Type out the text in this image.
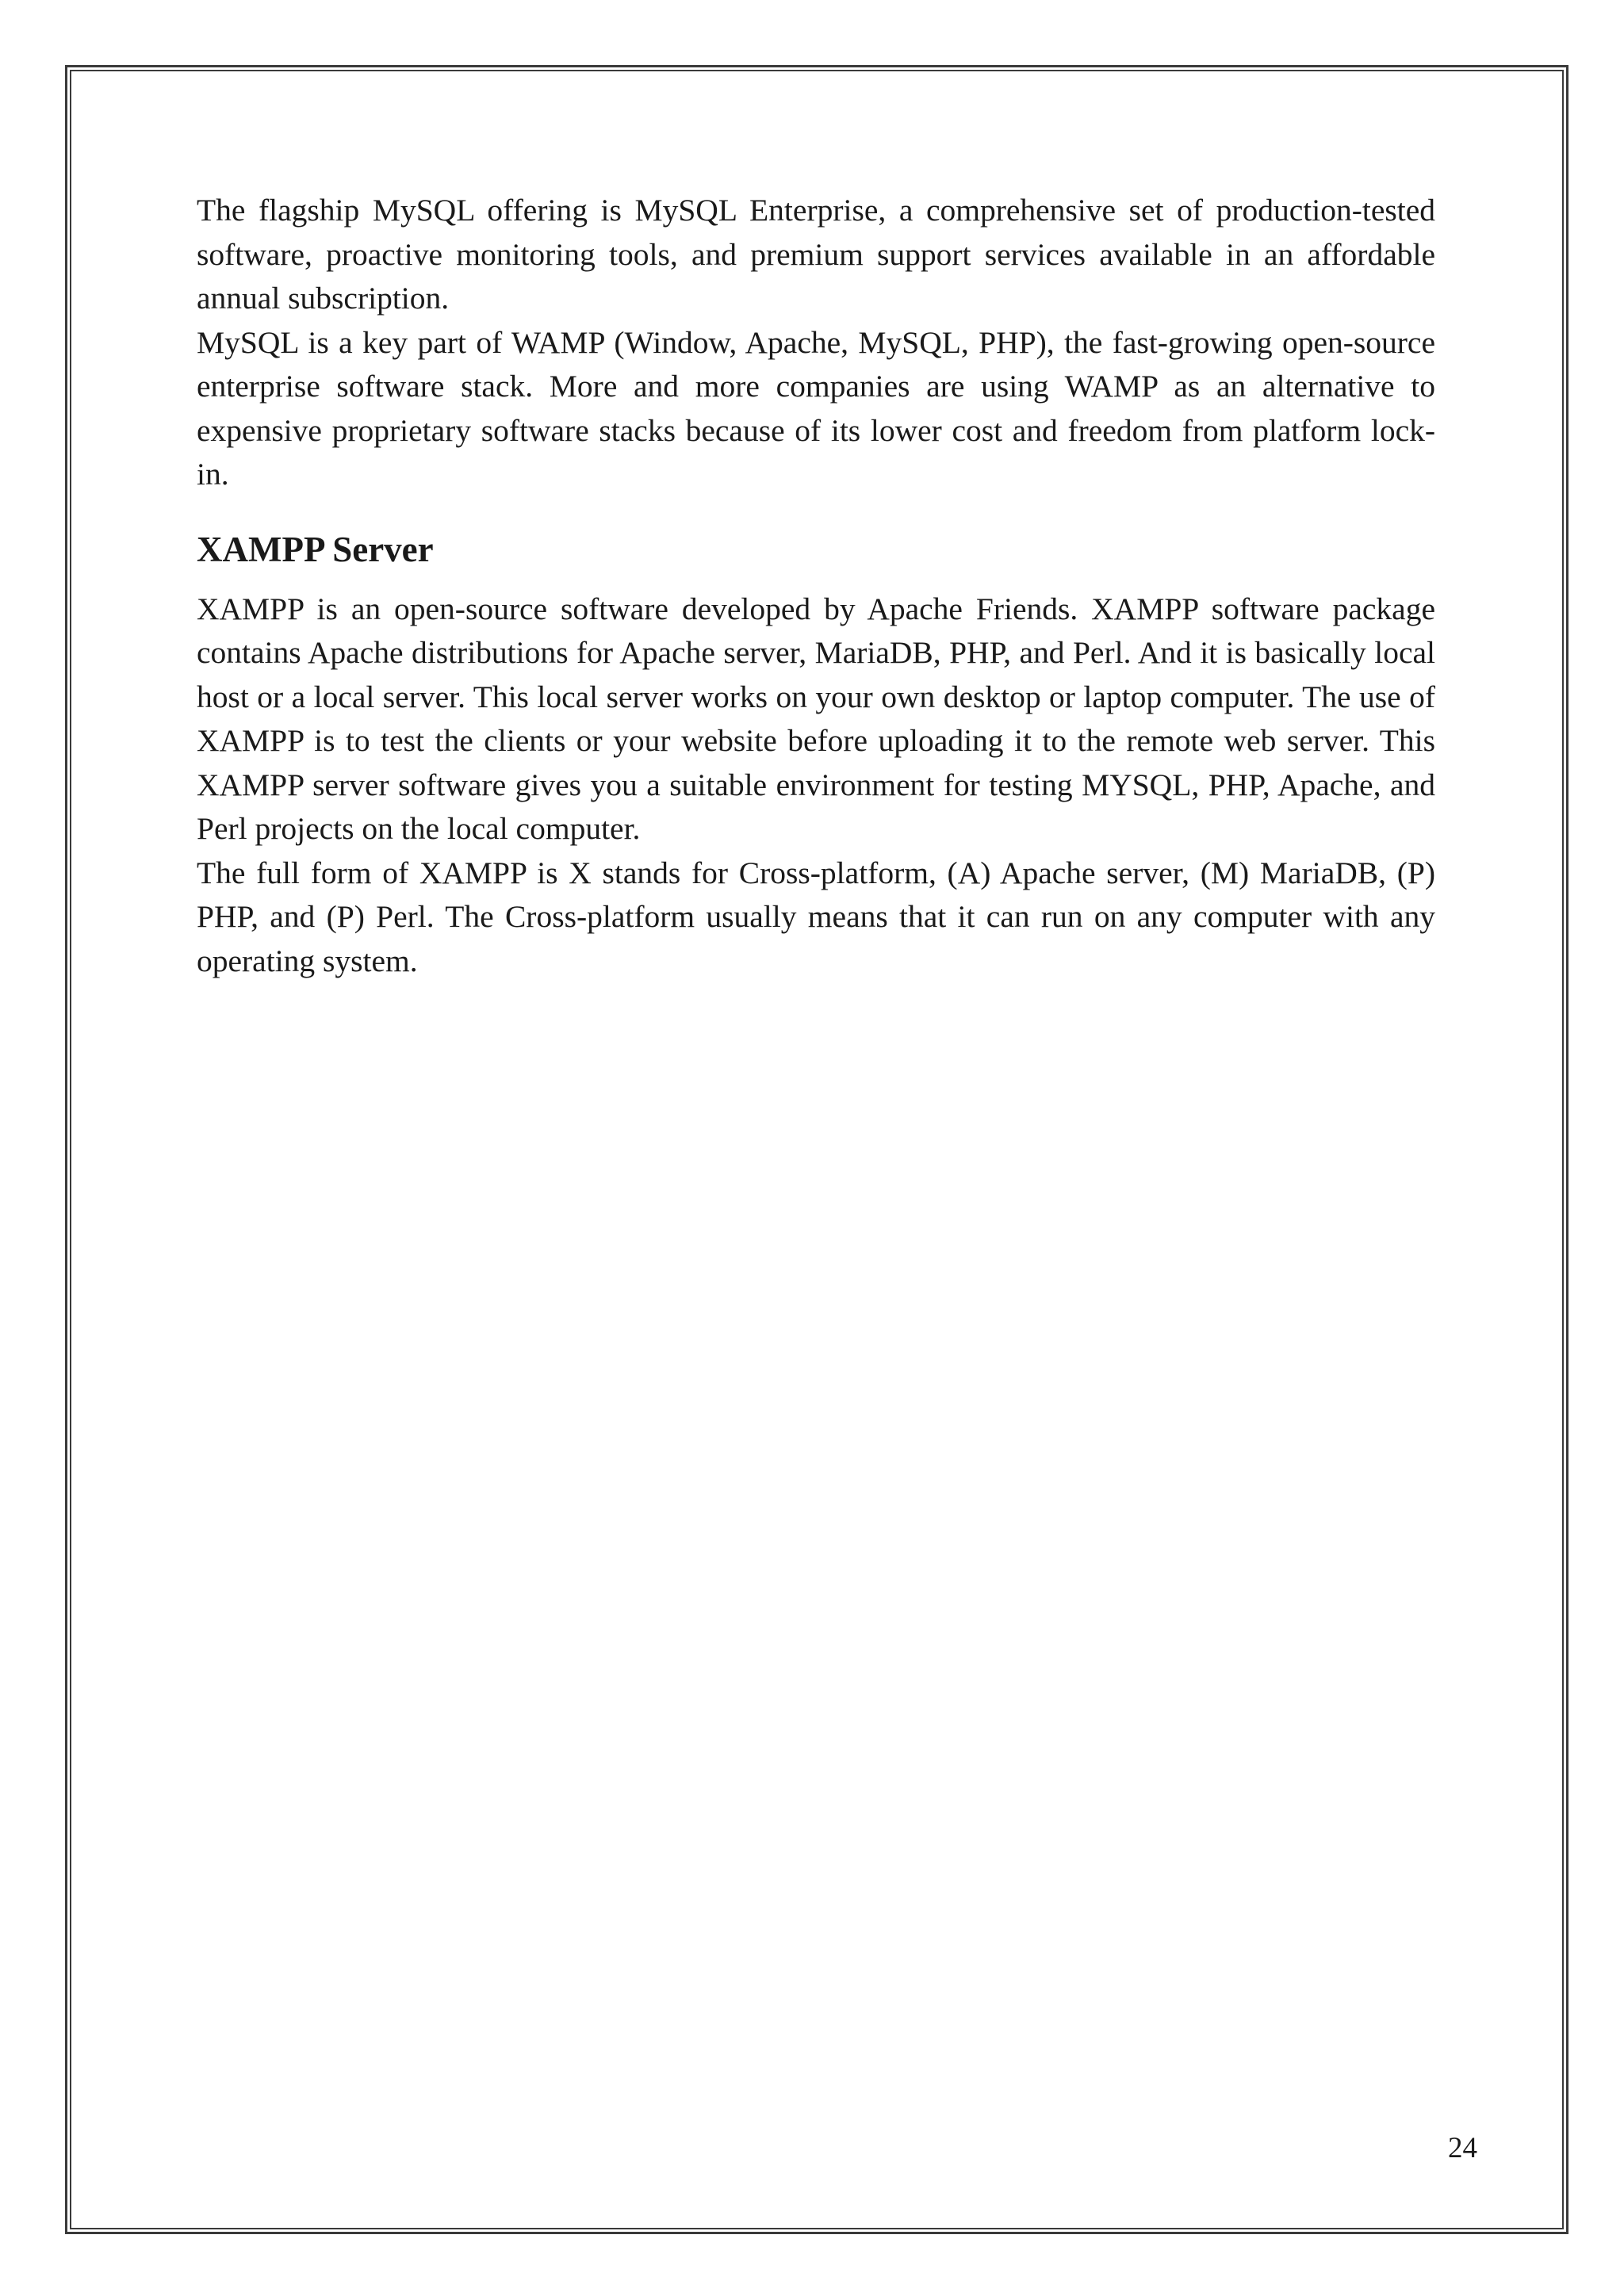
The flagship MySQL offering is MySQL Enterprise, a comprehensive set of production-tested software, proactive monitoring tools, and premium support services available in an affordable annual subscription.

MySQL is a key part of WAMP (Window, Apache, MySQL, PHP), the fast-growing open-source enterprise software stack. More and more companies are using WAMP as an alternative to expensive proprietary software stacks because of its lower cost and freedom from platform lock-in.

XAMPP Server

XAMPP is an open-source software developed by Apache Friends. XAMPP software package contains Apache distributions for Apache server, MariaDB, PHP, and Perl. And it is basically local host or a local server. This local server works on your own desktop or laptop computer. The use of XAMPP is to test the clients or your website before uploading it to the remote web server. This XAMPP server software gives you a suitable environment for testing MYSQL, PHP, Apache, and Perl projects on the local computer.

The full form of XAMPP is X stands for Cross-platform, (A) Apache server, (M) MariaDB, (P) PHP, and (P) Perl. The Cross-platform usually means that it can run on any computer with any operating system.

24
